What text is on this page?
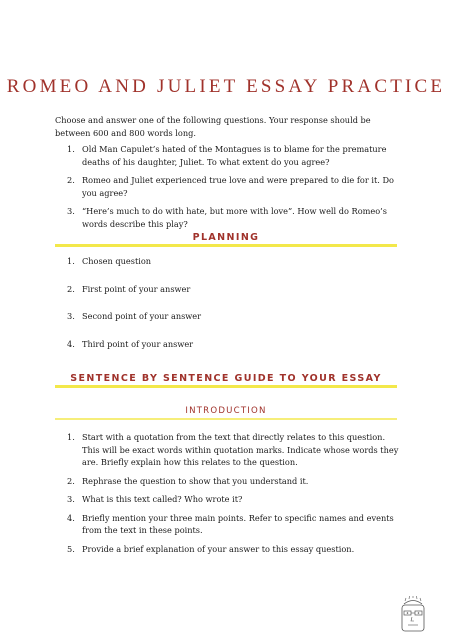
ROMEO AND JULIET ESSAY PRACTICE
Choose and answer one of the following questions. Your response should be between 600 and 800 words long.
1. Old Man Capulet’s hated of the Montagues is to blame for the premature deaths of his daughter, Juliet. To what extent do you agree?
2. Romeo and Juliet experienced true love and were prepared to die for it. Do you agree?
3. “Here’s much to do with hate, but more with love”. How well do Romeo’s words describe this play?
PLANNING
1. Chosen question
2. First point of your answer
3. Second point of your answer
4. Third point of your answer
SENTENCE BY SENTENCE GUIDE TO YOUR ESSAY
INTRODUCTION
1. Start with a quotation from the text that directly relates to this question. This will be exact words within quotation marks. Indicate whose words they are. Briefly explain how this relates to the question.
2. Rephrase the question to show that you understand it.
3. What is this text called? Who wrote it?
4. Briefly mention your three main points. Refer to specific names and events from the text in these points.
5. Provide a brief explanation of your answer to this essay question.
